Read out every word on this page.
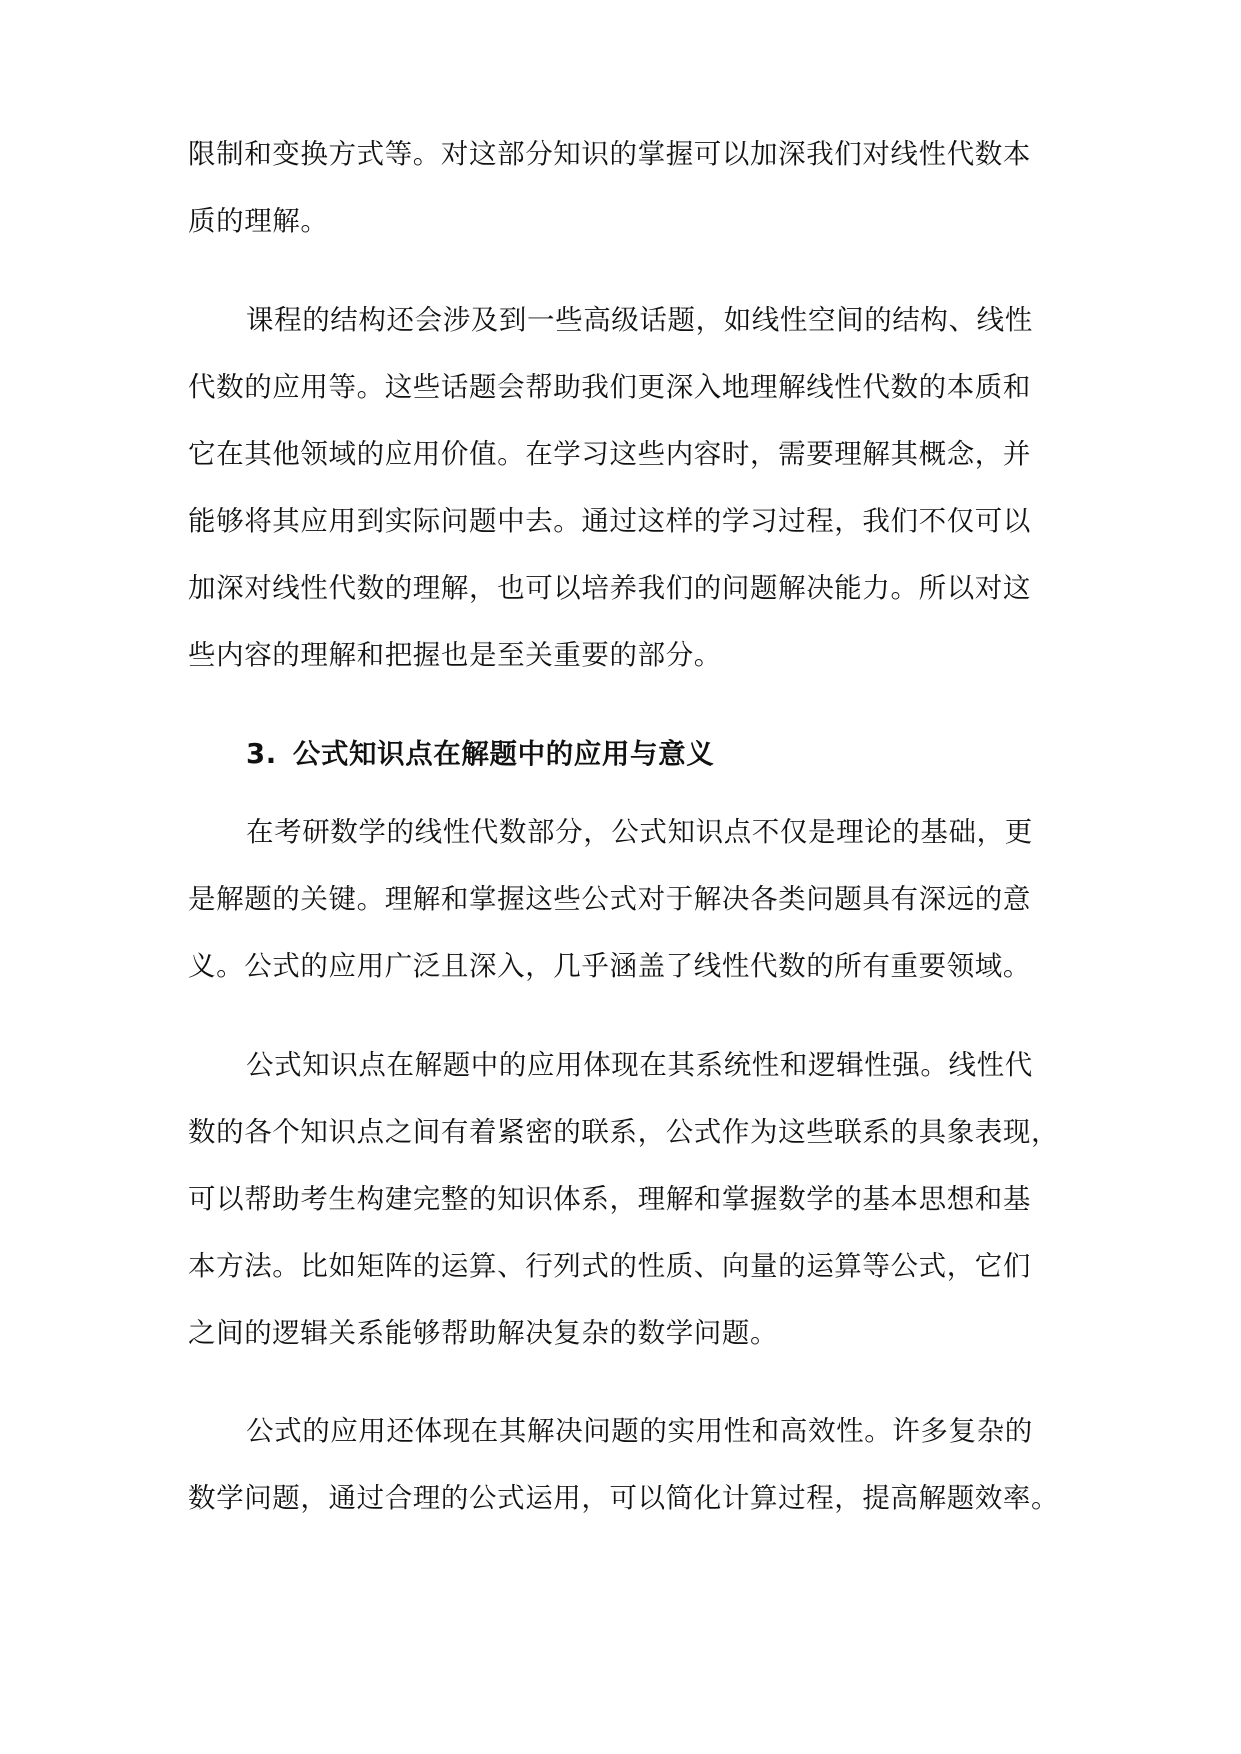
限制和变换方式等。对这部分知识的掌握可以加深我们对线性代数本
质的理解。
课程的结构还会涉及到一些高级话题，如线性空间的结构、线性
代数的应用等。这些话题会帮助我们更深入地理解线性代数的本质和
它在其他领域的应用价值。在学习这些内容时，需要理解其概念，并
能够将其应用到实际问题中去。通过这样的学习过程，我们不仅可以
加深对线性代数的理解，也可以培养我们的问题解决能力。所以对这
些内容的理解和把握也是至关重要的部分。
3. 公式知识点在解题中的应用与意义
在考研数学的线性代数部分，公式知识点不仅是理论的基础，更
是解题的关键。理解和掌握这些公式对于解决各类问题具有深远的意
义。公式的应用广泛且深入，几乎涵盖了线性代数的所有重要领域。
公式知识点在解题中的应用体现在其系统性和逻辑性强。线性代
数的各个知识点之间有着紧密的联系，公式作为这些联系的具象表现，
可以帮助考生构建完整的知识体系，理解和掌握数学的基本思想和基
本方法。比如矩阵的运算、行列式的性质、向量的运算等公式，它们
之间的逻辑关系能够帮助解决复杂的数学问题。
公式的应用还体现在其解决问题的实用性和高效性。许多复杂的
数学问题，通过合理的公式运用，可以简化计算过程，提高解题效率。
